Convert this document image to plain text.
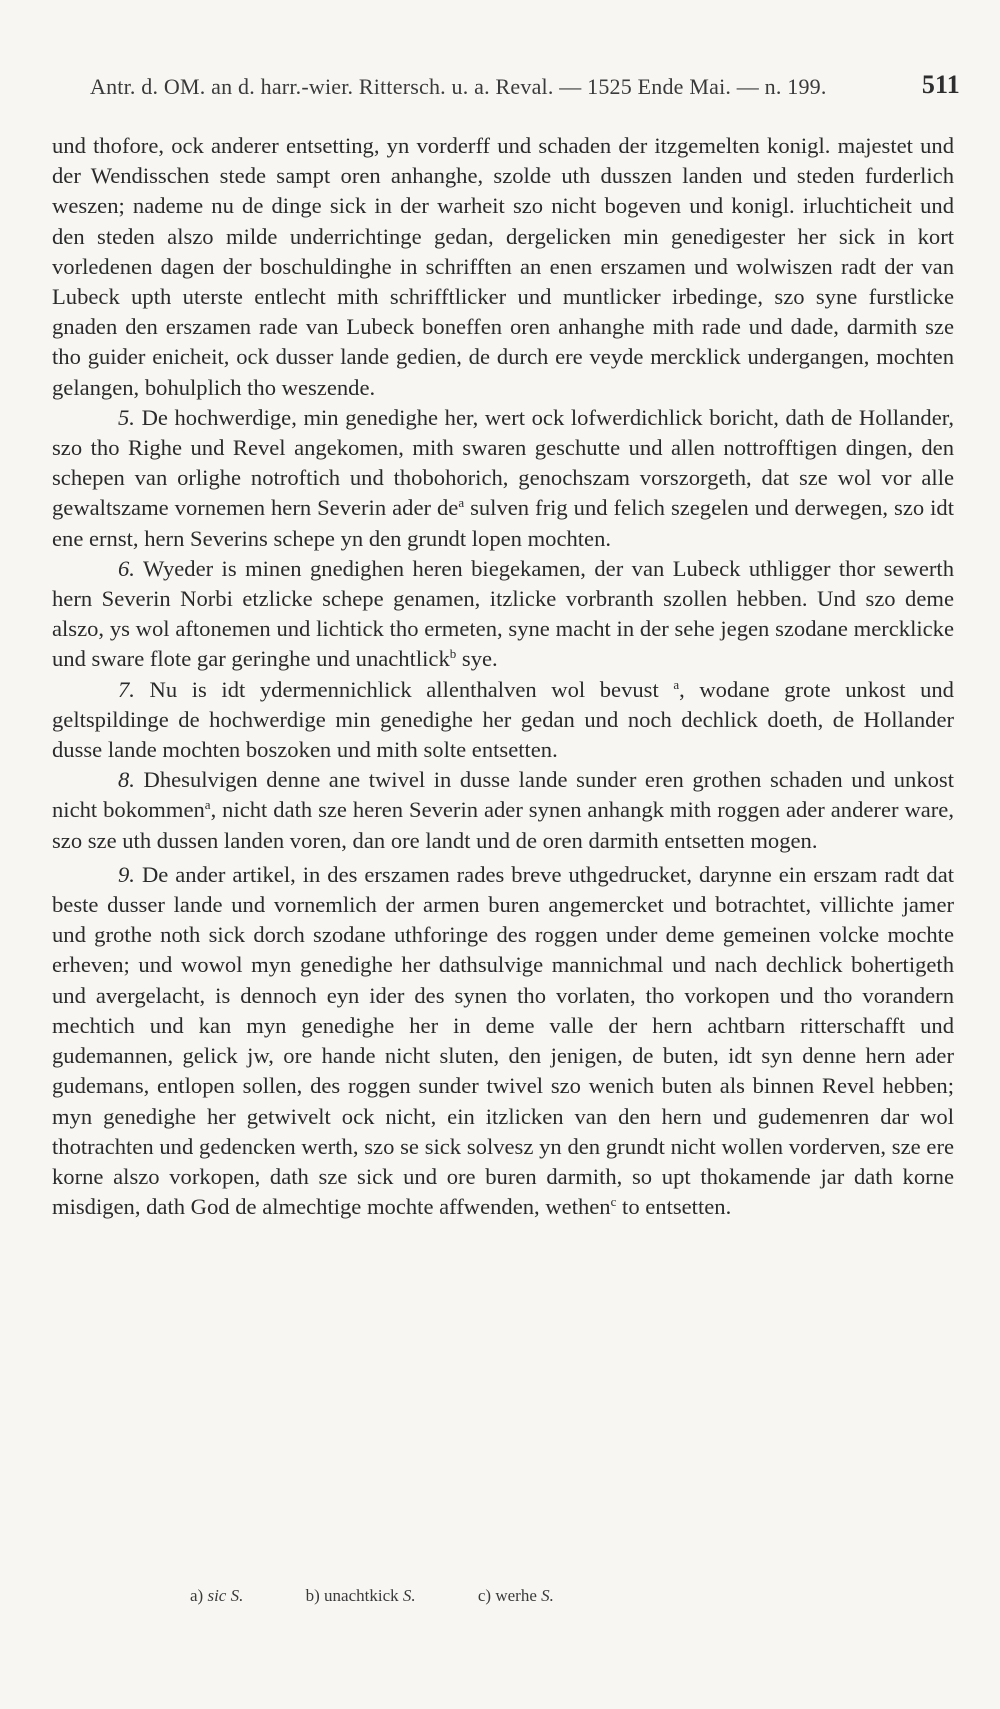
Antr. d. OM. an d. harr.-wier. Rittersch. u. a. Reval. — 1525 Ende Mai. — n. 199.	511

und thofore, ock anderer entsetting, yn vorderff und schaden der itzgemelten konigl. majestet und der Wendisschen stede sampt oren anhanghe, szolde uth dusszen landen und steden furderlich weszen; nademe nu de dinge sick in der warheit szo nicht bogeven und konigl. irluchticheit und den steden alszo milde underrichtinge gedan, dergelicken min genedigester her sick in kort vorledenen dagen der boschuldinghe in schrifften an enen erszamen und wolwiszen radt der van Lubeck upth uterste entlecht mith schrifftlicker und muntlicker irbedinge, szo syne furstlicke gnaden den erszamen rade van Lubeck boneffen oren anhanghe mith rade und dade, darmith sze tho guider enicheit, ock dusser lande gedien, de durch ere veyde mercklick undergangen, mochten gelangen, bohulplich tho weszende.

5. De hochwerdige, min genedighe her, wert ock lofwerdichlick boricht, dath de Hollander, szo tho Righe und Revel angekomen, mith swaren geschutte und allen nottrofftigen dingen, den schepen van orlighe notroftich und thobohorich, genochszam vorszorgeth, dat sze wol vor alle gewaltszame vornemen hern Severin ader $de^a$ sulven frig und felich szegelen und derwegen, szo idt ene ernst, hern Severins schepe yn den grundt lopen mochten.

6. Wyeder is minen gnedighen heren biegekamen, der van Lubeck uthligger thor sewerth hern Severin Norbi etzlicke schepe genamen, itzlicke vorbranth szollen hebben. Und szo deme alszo, ys wol aftonemen und lichtick tho ermeten, syne macht in der sehe jegen szodane mercklicke und sware flote gar geringhe und unachtlick$^b$ sye.

7. Nu is idt ydermennichlick allenthalven wol bevust $^a$, wodane grote unkost und geltspildinge de hochwerdige min genedighe her gedan und noch dechlick doeth, de Hollander dusse lande mochten boszoken und mith solte entsetten.

8. Dhesulvigen denne ane twivel in dusse lande sunder eren grothen schaden und unkost nicht bokommen$^a$, nicht dath sze heren Severin ader synen anhangk mith roggen ader anderer ware, szo sze uth dussen landen voren, dan ore landt und de oren darmith entsetten mogen.

9. De ander artikel, in des erszamen rades breve uthgedrucket, darynne ein erszam radt dat beste dusser lande und vornemlich der armen buren angemercket und botrachtet, villichte jamer und grothe noth sick dorch szodane uthforinge des roggen under deme gemeinen volcke mochte erheven; und wowol myn genedighe her dathsulvige mannichmal und nach dechlick bohertigeth und avergelacht, is dennoch eyn ider des synen tho vorlaten, tho vorkopen und tho vorandern mechtich und kan myn genedighe her in deme valle der hern achtbarn ritterschafft und gudemannen, gelick jw, ore hande nicht sluten, den jenigen, de buten, idt syn denne hern ader gudemans, entlopen sollen, des roggen sunder twivel szo wenich buten als binnen Revel hebben; myn genedighe her getwivelt ock nicht, ein itzlicken van den hern und gudemenren dar wol thotrachten und gedencken werth, szo se sick solvesz yn den grundt nicht wollen vorderven, sze ere korne alszo vorkopen, dath sze sick und ore buren darmith, so upt thokamende jar dath korne misdigen, dath God de almechtige mochte affwenden, wethen$^c$ to entsetten.

a) sic S.	b) unachtkick S.	c) werhe S.
